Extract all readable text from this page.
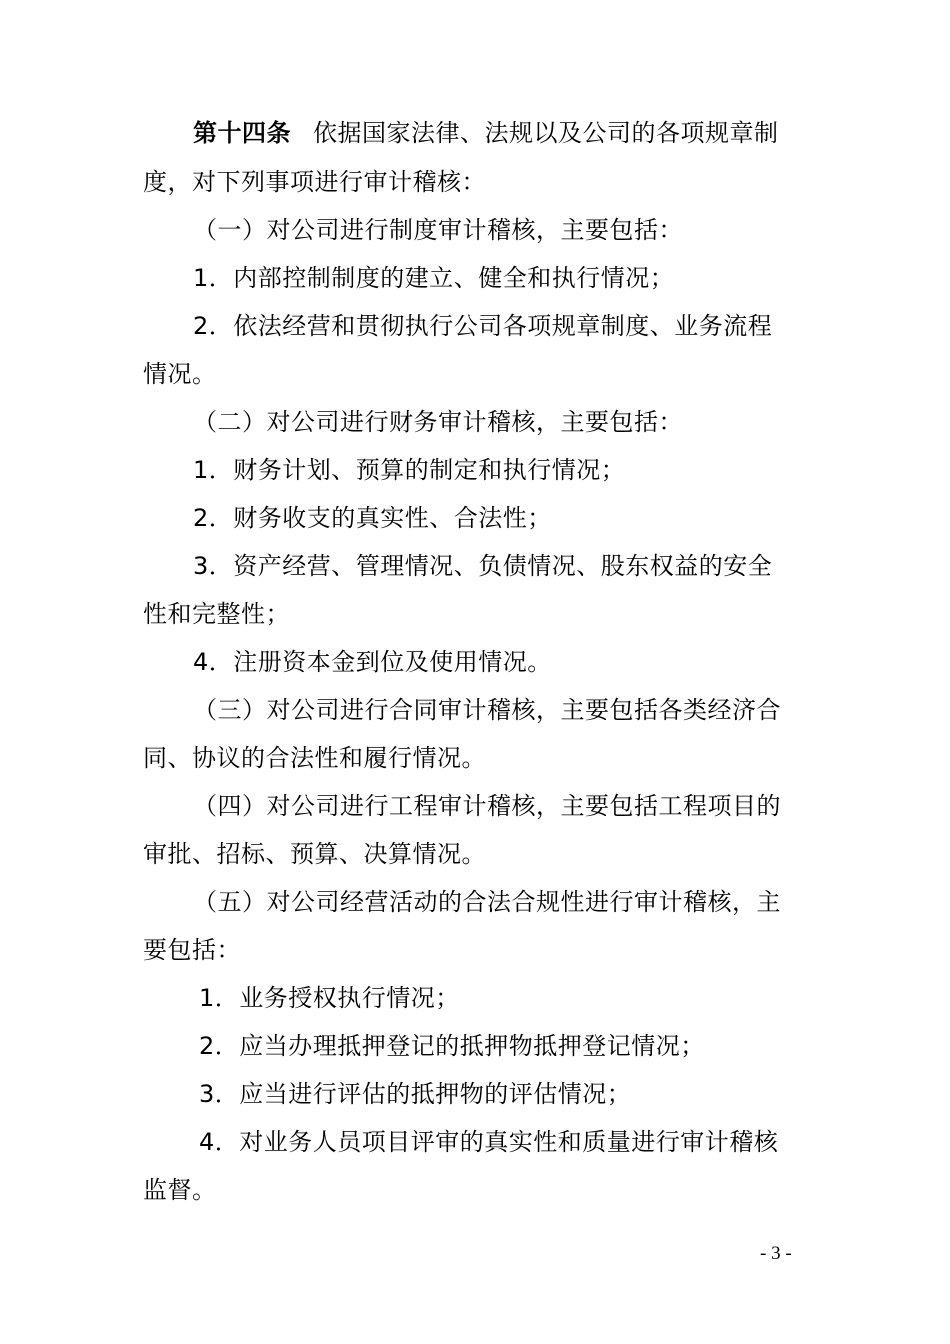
第十四条 依据国家法律、法规以及公司的各项规章制
度，对下列事项进行审计稽核：
（一）对公司进行制度审计稽核，主要包括：
1．内部控制制度的建立、健全和执行情况；
2．依法经营和贯彻执行公司各项规章制度、业务流程
情况。
（二）对公司进行财务审计稽核，主要包括：
1．财务计划、预算的制定和执行情况；
2．财务收支的真实性、合法性；
3．资产经营、管理情况、负债情况、股东权益的安全
性和完整性；
4．注册资本金到位及使用情况。
（三）对公司进行合同审计稽核，主要包括各类经济合
同、协议的合法性和履行情况。
（四）对公司进行工程审计稽核，主要包括工程项目的
审批、招标、预算、决算情况。
（五）对公司经营活动的合法合规性进行审计稽核，主
要包括：
1．业务授权执行情况；
2．应当办理抵押登记的抵押物抵押登记情况；
3．应当进行评估的抵押物的评估情况；
4．对业务人员项目评审的真实性和质量进行审计稽核
监督。
- 3 -
